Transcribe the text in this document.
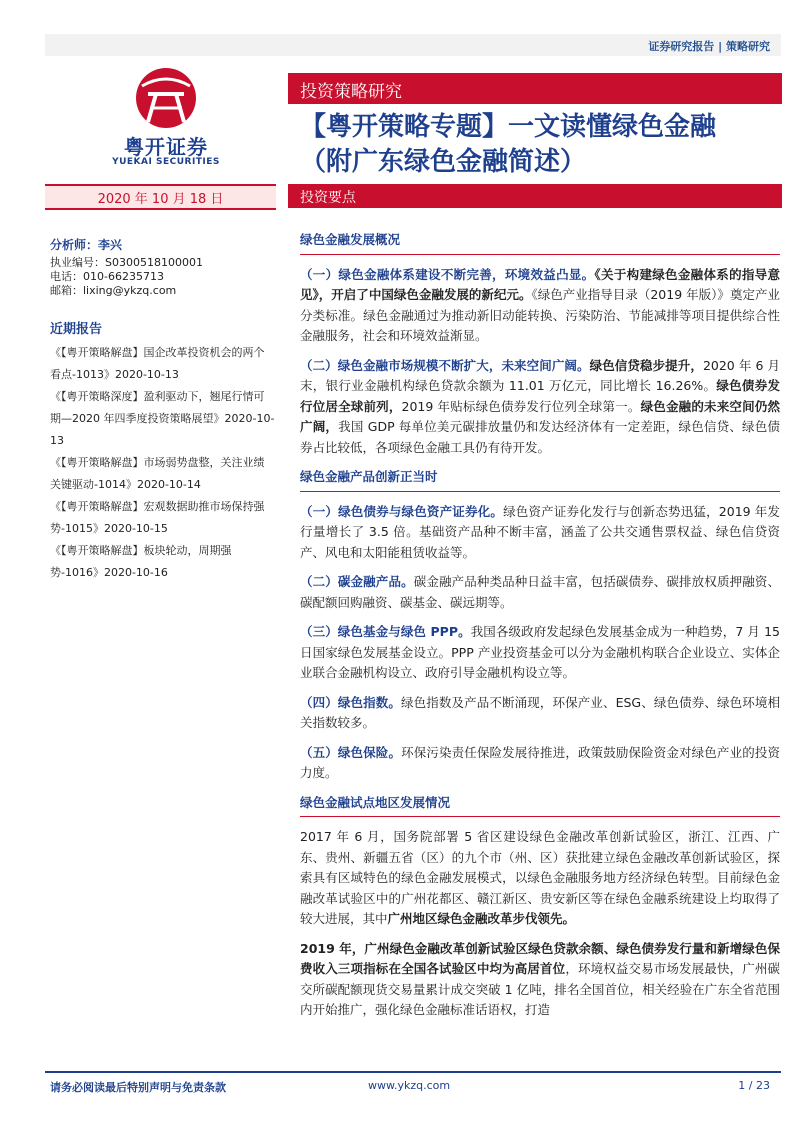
证券研究报告 | 策略研究
粤开证券
YUEKAI SECURITIES
投资策略研究
【粤开策略专题】一文读懂绿色金融
（附广东绿色金融简述）
2020 年 10 月 18 日	投资要点
分析师：李兴
执业编号：S0300518100001
电话：010-66235713
邮箱：lixing@ykzq.com
近期报告

《【粤开策略解盘】国企改革投资机会的两个看点-1013》2020-10-13

《【粤开策略深度】盈利驱动下，翘尾行情可期—2020 年四季度投资策略展望》2020-10-13

《【粤开策略解盘】市场弱势盘整，关注业绩关键驱动-1014》2020-10-14

《【粤开策略解盘】宏观数据助推市场保持强势-1015》2020-10-15

《【粤开策略解盘】板块轮动，周期强势-1016》2020-10-16

绿色金融发展概况

（一）绿色金融体系建设不断完善，环境效益凸显。《关于构建绿色金融体系的指导意见》，开启了中国绿色金融发展的新纪元。《绿色产业指导目录（2019 年版）》奠定产业分类标准。绿色金融通过为推动新旧动能转换、污染防治、节能减排等项目提供综合性金融服务，社会和环境效益渐显。

（二）绿色金融市场规模不断扩大，未来空间广阔。绿色信贷稳步提升，2020 年 6 月末，银行业金融机构绿色贷款余额为 11.01 万亿元，同比增长 16.26%。绿色债券发行位居全球前列，2019 年贴标绿色债券发行位列全球第一。绿色金融的未来空间仍然广阔，我国 GDP 每单位美元碳排放量仍和发达经济体有一定差距，绿色信贷、绿色债券占比较低，各项绿色金融工具仍有待开发。

绿色金融产品创新正当时

（一）绿色债券与绿色资产证券化。绿色资产证券化发行与创新态势迅猛，2019 年发行量增长了 3.5 倍。基础资产品种不断丰富，涵盖了公共交通售票权益、绿色信贷资产、风电和太阳能租赁收益等。

（二）碳金融产品。碳金融产品种类品种日益丰富，包括碳债券、碳排放权质押融资、碳配额回购融资、碳基金、碳远期等。

（三）绿色基金与绿色 PPP。我国各级政府发起绿色发展基金成为一种趋势，7 月 15 日国家绿色发展基金设立。PPP 产业投资基金可以分为金融机构联合企业设立、实体企业联合金融机构设立、政府引导金融机构设立等。

（四）绿色指数。绿色指数及产品不断涌现，环保产业、ESG、绿色债券、绿色环境相关指数较多。

（五）绿色保险。环保污染责任保险发展待推进，政策鼓励保险资金对绿色产业的投资力度。

绿色金融试点地区发展情况

2017 年 6 月，国务院部署 5 省区建设绿色金融改革创新试验区，浙江、江西、广东、贵州、新疆五省（区）的九个市（州、区）获批建立绿色金融改革创新试验区，探索具有区域特色的绿色金融发展模式，以绿色金融服务地方经济绿色转型。目前绿色金融改革试验区中的广州花都区、赣江新区、贵安新区等在绿色金融系统建设上均取得了较大进展，其中广州地区绿色金融改革步伐领先。

2019 年，广州绿色金融改革创新试验区绿色贷款余额、绿色债券发行量和新增绿色保费收入三项指标在全国各试验区中均为高居首位，环境权益交易市场发展最快，广州碳交所碳配额现货交易量累计成交突破 1 亿吨，排名全国首位，相关经验在广东全省范围内开始推广，强化绿色金融标准话语权，打造

请务必阅读最后特别声明与免责条款	www.ykzq.com	1 / 23
